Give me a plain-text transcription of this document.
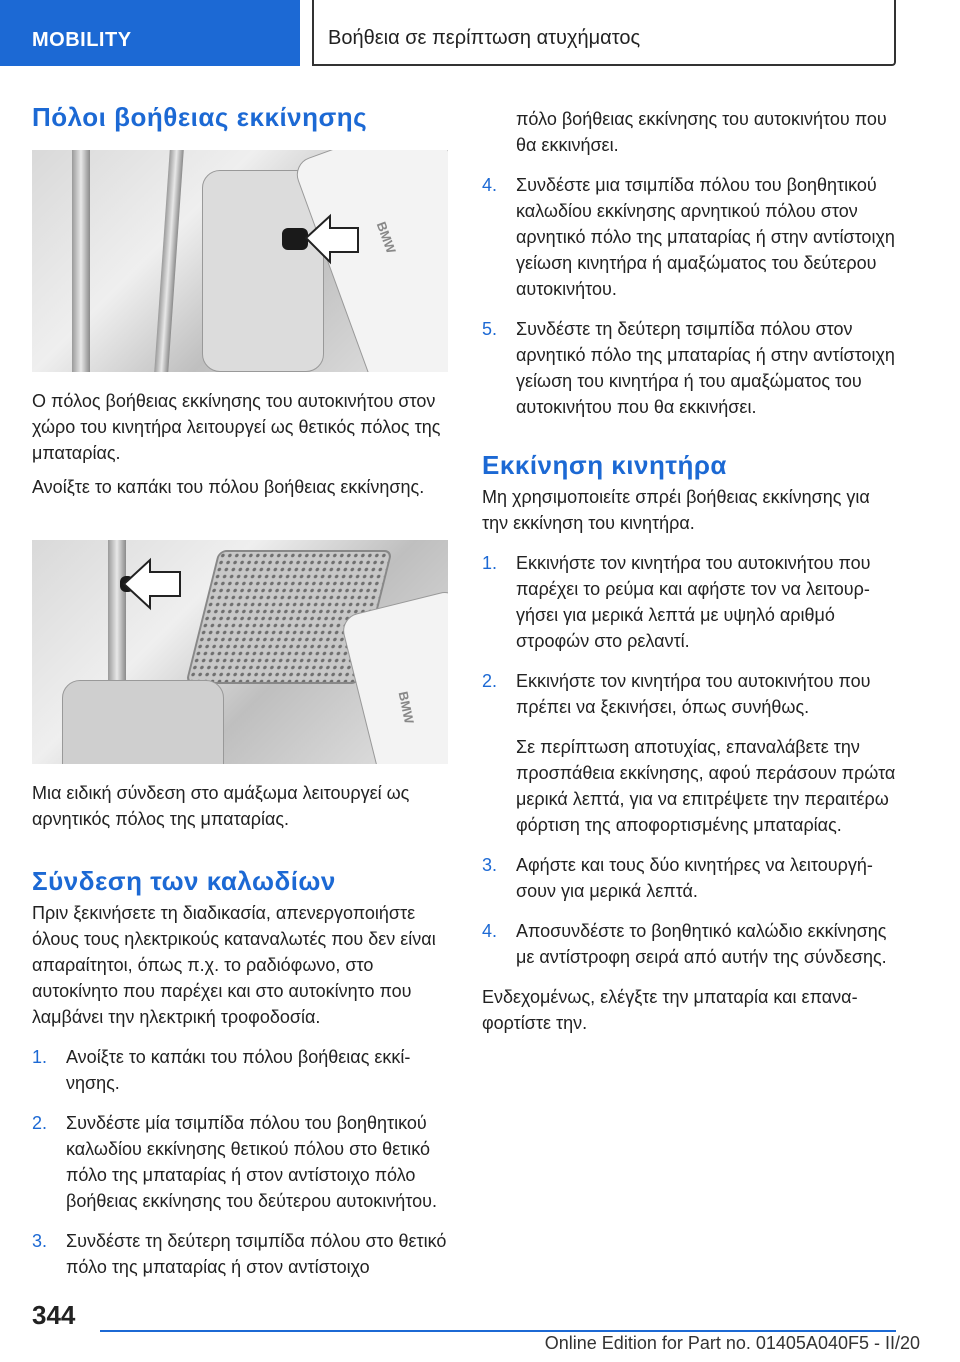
MOBILITY	Βοήθεια σε περίπτωση ατυχήματος
Πόλοι βοήθειας εκκίνησης
BMW

Ο πόλος βοήθειας εκκίνησης του αυτοκινήτου στον χώρο του κινητήρα λειτουργεί ως θετικός πόλος της μπαταρίας.

Ανοίξτε το καπάκι του πόλου βοήθειας εκκίνησης.

BMW

Μια ειδική σύνδεση στο αμάξωμα λειτουργεί ως αρνητικός πόλος της μπαταρίας.

Σύνδεση των καλωδίων

Πριν ξεκινήσετε τη διαδικασία, απενεργοποιήστε όλους τους ηλεκτρικούς καταναλωτές που δεν είναι απαραίτητοι, όπως π.χ. το ραδιόφωνο, στο αυτοκίνητο που παρέχει και στο αυτοκίνητο που λαμβάνει την ηλεκτρική τροφοδοσία.

1. Ανοίξτε το καπάκι του πόλου βοήθειας εκκίνησης.
2. Συνδέστε μία τσιμπίδα πόλου του βοηθητικού καλωδίου εκκίνησης θετικού πόλου στο θετικό πόλο της μπαταρίας ή στον αντίστοιχο πόλο βοήθειας εκκίνησης του δεύτερου αυτοκινήτου.
3. Συνδέστε τη δεύτερη τσιμπίδα πόλου στο θετικό πόλο της μπαταρίας ή στον αντίστοιχο

πόλο βοήθειας εκκίνησης του αυτοκινήτου που θα εκκινήσει.

4. Συνδέστε μια τσιμπίδα πόλου του βοηθητικού καλωδίου εκκίνησης αρνητικού πόλου στον αρνητικό πόλο της μπαταρίας ή στην αντίστοιχη γείωση κινητήρα ή αμαξώματος του δεύτερου αυτοκινήτου.
5. Συνδέστε τη δεύτερη τσιμπίδα πόλου στον αρνητικό πόλο της μπαταρίας ή στην αντίστοιχη γείωση του κινητήρα ή του αμαξώματος του αυτοκινήτου που θα εκκινήσει.
Εκκίνηση κινητήρα

Μη χρησιμοποιείτε σπρέι βοήθειας εκκίνησης για την εκκίνηση του κινητήρα.

1. Εκκινήστε τον κινητήρα του αυτοκινήτου που παρέχει το ρεύμα και αφήστε τον να λειτουργήσει για μερικά λεπτά με υψηλό αριθμό στροφών στο ρελαντί.
2. Εκκινήστε τον κινητήρα του αυτοκινήτου που πρέπει να ξεκινήσει, όπως συνήθως.
Σε περίπτωση αποτυχίας, επαναλάβετε την προσπάθεια εκκίνησης, αφού περάσουν πρώτα μερικά λεπτά, για να επιτρέψετε την περαιτέρω φόρτιση της αποφορτισμένης μπαταρίας.
3. Αφήστε και τους δύο κινητήρες να λειτουργήσουν για μερικά λεπτά.
4. Αποσυνδέστε το βοηθητικό καλώδιο εκκίνησης με αντίστροφη σειρά από αυτήν της σύνδεσης.

Ενδεχομένως, ελέγξτε την μπαταρία και επαναφορτίστε την.

344
Online Edition for Part no. 01405A040F5 - II/20
